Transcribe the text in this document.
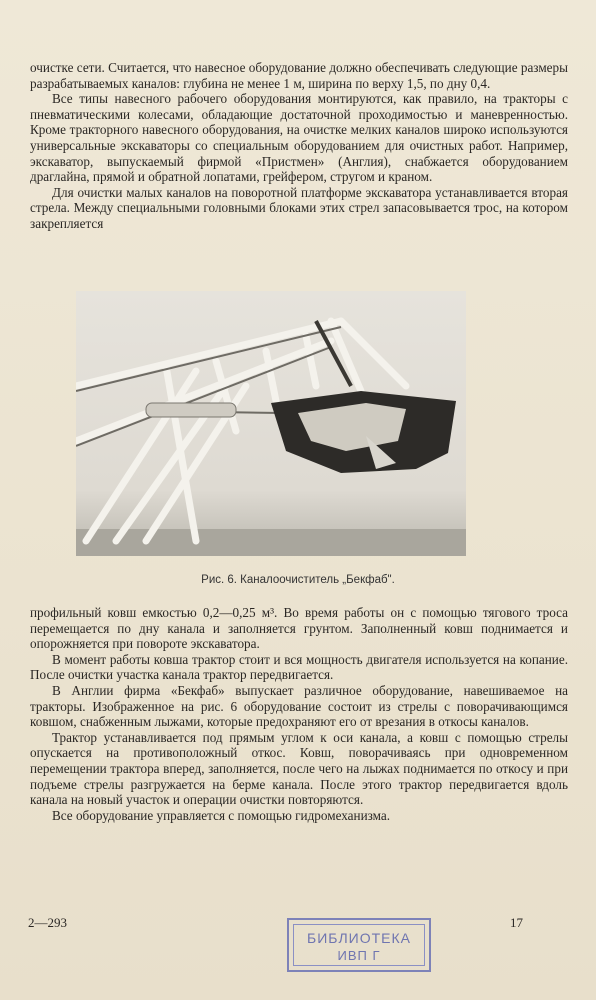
очистке сети. Считается, что навесное оборудование должно обеспечивать следующие размеры разрабатываемых каналов: глубина не менее 1 м, ширина по верху 1,5, по дну 0,4.

Все типы навесного рабочего оборудования монтируются, как правило, на тракторы с пневматическими колесами, обладающие достаточной проходимостью и маневренностью. Кроме тракторного навесного оборудования, на очистке мелких каналов широко используются универсальные экскаваторы со специальным оборудованием для очистных работ. Например, экскаватор, выпускаемый фирмой «Пристмен» (Англия), снабжается оборудованием драглайна, прямой и обратной лопатами, грейфером, стругом и краном.

Для очистки малых каналов на поворотной платформе экскаватора устанавливается вторая стрела. Между специальными головными блоками этих стрел запасовывается трос, на котором закрепляется

Рис. 6. Каналоочиститель „Бекфаб".

профильный ковш емкостью 0,2—0,25 м³. Во время работы он с помощью тягового троса перемещается по дну канала и заполняется грунтом. Заполненный ковш поднимается и опорожняется при повороте экскаватора.

В момент работы ковша трактор стоит и вся мощность двигателя используется на копание. После очистки участка канала трактор передвигается.

В Англии фирма «Бекфаб» выпускает различное оборудование, навешиваемое на тракторы. Изображенное на рис. 6 оборудование состоит из стрелы с поворачивающимся ковшом, снабженным лыжами, которые предохраняют его от врезания в откосы каналов.

Трактор устанавливается под прямым углом к оси канала, а ковш с помощью стрелы опускается на противоположный откос. Ковш, поворачиваясь при одновременном перемещении трактора вперед, заполняется, после чего на лыжах поднимается по откосу и при подъеме стрелы разгружается на берме канала. После этого трактор передвигается вдоль канала на новый участок и операции очистки повторяются.

Все оборудование управляется с помощью гидромеханизма.

2—293	17
БИБЛИОТЕКА
ИВП Г
